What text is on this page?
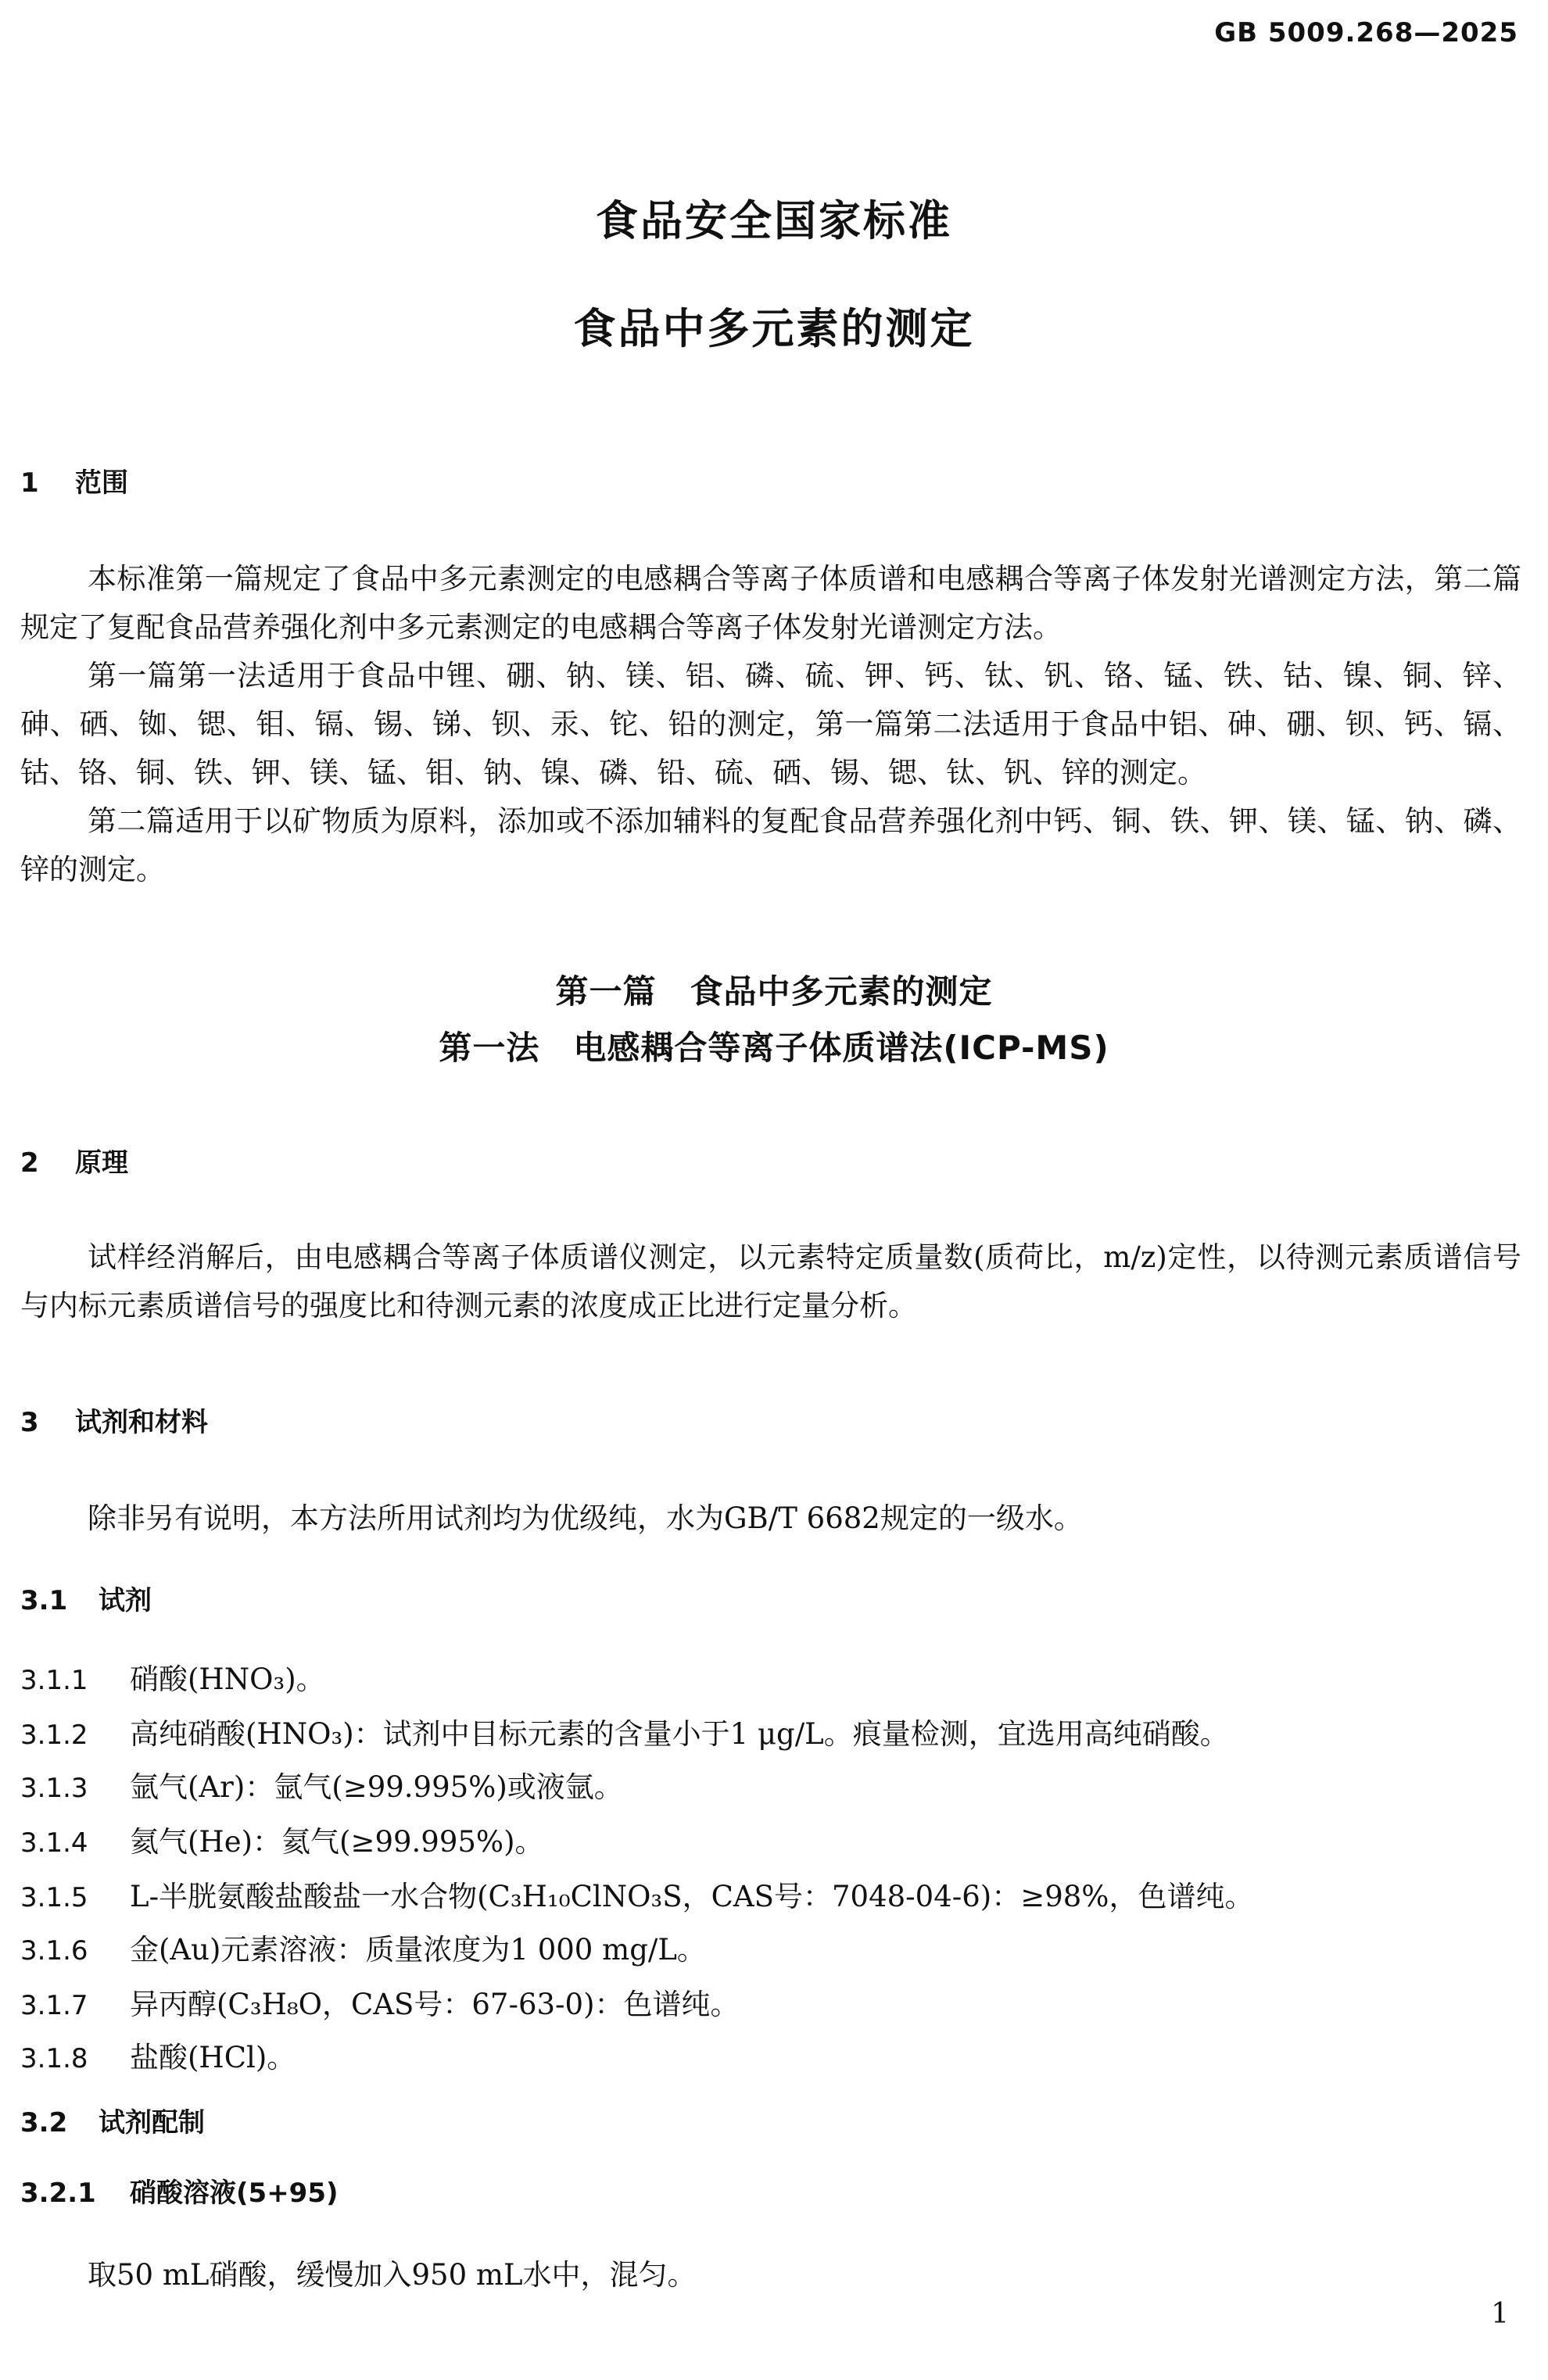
GB 5009.268—2025
食品安全国家标准
食品中多元素的测定
1 范围
本标准第一篇规定了食品中多元素测定的电感耦合等离子体质谱和电感耦合等离子体发射光谱测定方法，第二篇规定了复配食品营养强化剂中多元素测定的电感耦合等离子体发射光谱测定方法。
第一篇第一法适用于食品中锂、硼、钠、镁、铝、磷、硫、钾、钙、钛、钒、铬、锰、铁、钴、镍、铜、锌、砷、硒、铷、锶、钼、镉、锡、锑、钡、汞、铊、铅的测定，第一篇第二法适用于食品中铝、砷、硼、钡、钙、镉、钴、铬、铜、铁、钾、镁、锰、钼、钠、镍、磷、铅、硫、硒、锡、锶、钛、钒、锌的测定。
第二篇适用于以矿物质为原料，添加或不添加辅料的复配食品营养强化剂中钙、铜、铁、钾、镁、锰、钠、磷、锌的测定。
第一篇　食品中多元素的测定
第一法　电感耦合等离子体质谱法(ICP-MS)
2 原理
试样经消解后，由电感耦合等离子体质谱仪测定，以元素特定质量数(质荷比，m/z)定性，以待测元素质谱信号与内标元素质谱信号的强度比和待测元素的浓度成正比进行定量分析。
3 试剂和材料
除非另有说明，本方法所用试剂均为优级纯，水为GB/T 6682规定的一级水。
3.1 试剂
3.1.1 硝酸(HNO₃)。
3.1.2 高纯硝酸(HNO₃)：试剂中目标元素的含量小于1 μg/L。痕量检测，宜选用高纯硝酸。
3.1.3 氩气(Ar)：氩气(≥99.995%)或液氩。
3.1.4 氦气(He)：氦气(≥99.995%)。
3.1.5 L-半胱氨酸盐酸盐一水合物(C₃H₁₀ClNO₃S，CAS号：7048-04-6)：≥98%，色谱纯。
3.1.6 金(Au)元素溶液：质量浓度为1 000 mg/L。
3.1.7 异丙醇(C₃H₈O，CAS号：67-63-0)：色谱纯。
3.1.8 盐酸(HCl)。
3.2 试剂配制
3.2.1 硝酸溶液(5+95)
取50 mL硝酸，缓慢加入950 mL水中，混匀。
1
